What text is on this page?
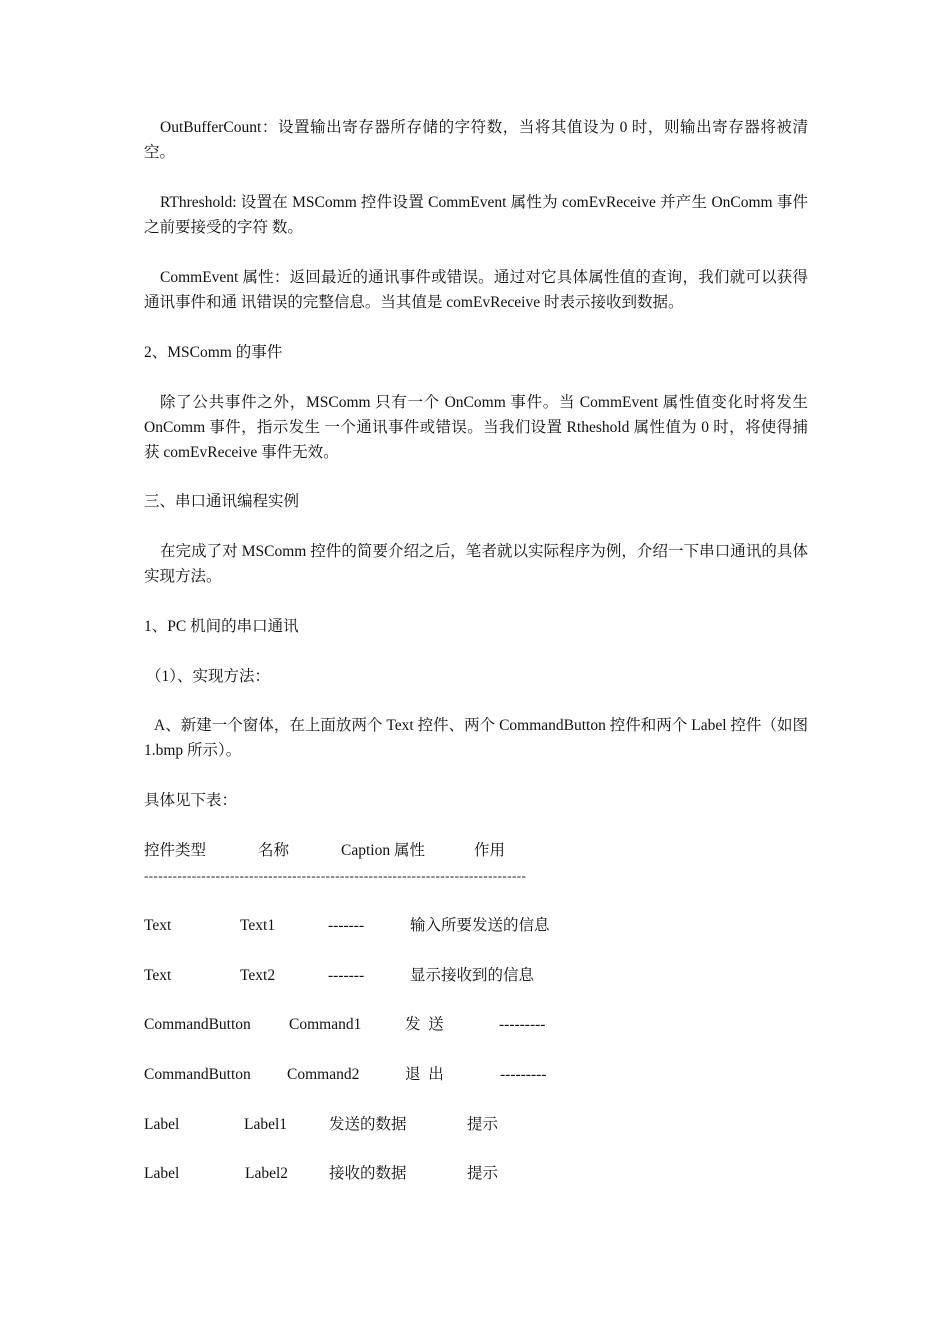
OutBufferCount：设置输出寄存器所存储的字符数，当将其值设为 0 时，则输出寄存器将被清空。

RThreshold: 设置在 MSComm 控件设置 CommEvent 属性为 comEvReceive 并产生 OnComm 事件之前要接受的字符 数。

CommEvent 属性：返回最近的通讯事件或错误。通过对它具体属性值的查询，我们就可以获得通讯事件和通 讯错误的完整信息。当其值是 comEvReceive 时表示接收到数据。

2、MSComm 的事件

除了公共事件之外，MSComm 只有一个 OnComm 事件。当 CommEvent 属性值变化时将发生 OnComm 事件，指示发生 一个通讯事件或错误。当我们设置 Rtheshold 属性值为 0 时，将使得捕获 comEvReceive 事件无效。

三、串口通讯编程实例

在完成了对 MSComm 控件的简要介绍之后，笔者就以实际程序为例，介绍一下串口通讯的具体实现方法。

1、PC 机间的串口通讯

（1）、实现方法：

A、新建一个窗体，在上面放两个 Text 控件、两个 CommandButton 控件和两个 Label 控件（如图 1.bmp 所示）。

具体见下表：

控件类型	名称	Caption 属性	作用
--------------------------------------------------------------------------------
Text	Text1	-------	输入所要发送的信息
Text	Text2	-------	显示接收到的信息
CommandButton Command1	发  送	---------
CommandButton Command2	退  出	---------
Label	Label1	发送的数据	提示
Label	Label2	接收的数据	提示
